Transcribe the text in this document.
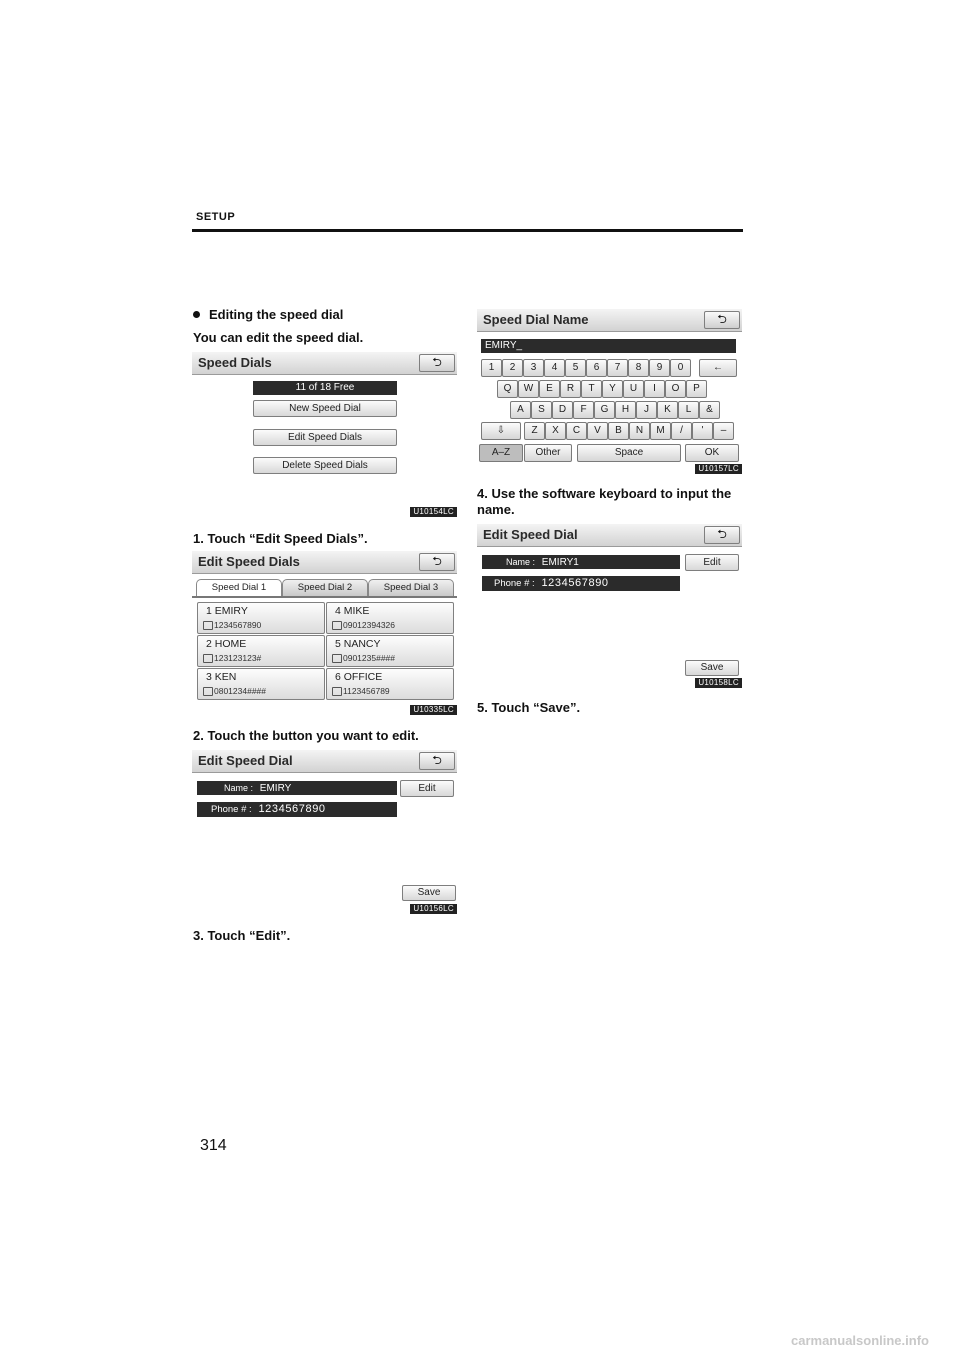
SETUP
Editing the speed dial
You can edit the speed dial.
Speed Dials	⮌
11 of 18 Free
New Speed Dial
Edit Speed Dials
Delete Speed Dials
U10154LC
1. Touch “Edit Speed Dials”.
Edit Speed Dials	⮌
Speed Dial 1	Speed Dial 2	Speed Dial 3
1 EMIRY
1234567890
4 MIKE
09012394326
2 HOME
123123123#
5 NANCY
0901235####
3 KEN
0801234####
6 OFFICE
1123456789
U10335LC
2. Touch the button you want to edit.
Edit Speed Dial	⮌
Name : EMIRY	Edit
Phone # : 1234567890
Save
U10156LC
3. Touch “Edit”.
Speed Dial Name	⮌
EMIRY_
1	2	3	4	5	6	7	8	9	0	←
Q	W	E	R	T	Y	U	I	O	P
A	S	D	F	G	H	J	K	L	&
⇩	Z	X	C	V	B	N	M	/	'	–
A–Z	Other	Space	OK
U10157LC
4. Use the software keyboard to input the name.
Edit Speed Dial	⮌
Name : EMIRY1	Edit
Phone # : 1234567890
Save
U10158LC
5. Touch “Save”.
314
carmanualsonline.info
